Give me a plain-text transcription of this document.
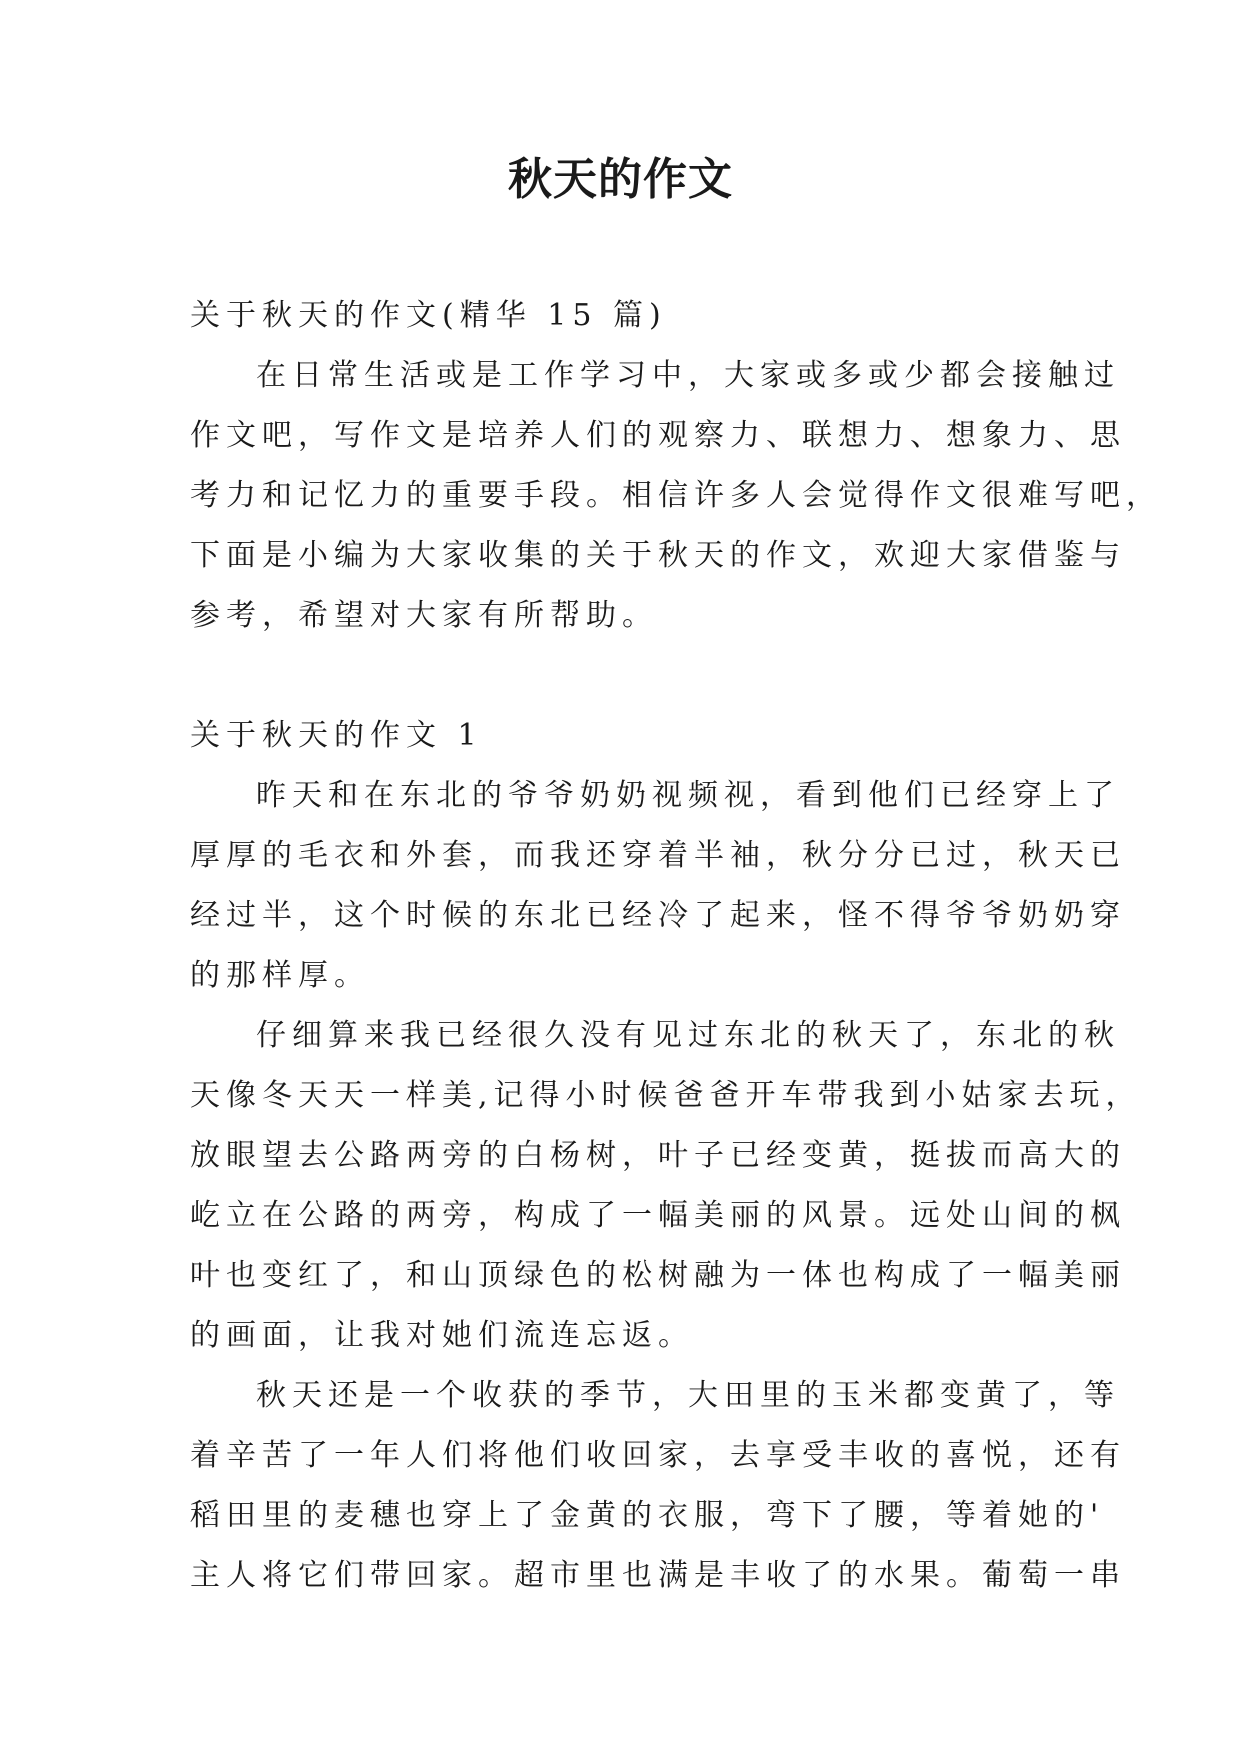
秋天的作文

关于秋天的作文(精华 15 篇)

在日常生活或是工作学习中，大家或多或少都会接触过

作文吧，写作文是培养人们的观察力、联想力、想象力、思

考力和记忆力的重要手段。相信许多人会觉得作文很难写吧，

下面是小编为大家收集的关于秋天的作文，欢迎大家借鉴与

参考，希望对大家有所帮助。

关于秋天的作文 1

昨天和在东北的爷爷奶奶视频视，看到他们已经穿上了

厚厚的毛衣和外套，而我还穿着半袖，秋分分已过，秋天已

经过半，这个时候的东北已经冷了起来，怪不得爷爷奶奶穿

的那样厚。

仔细算来我已经很久没有见过东北的秋天了，东北的秋

天像冬天天一样美,记得小时候爸爸开车带我到小姑家去玩，

放眼望去公路两旁的白杨树，叶子已经变黄，挺拔而高大的

屹立在公路的两旁，构成了一幅美丽的风景。远处山间的枫

叶也变红了，和山顶绿色的松树融为一体也构成了一幅美丽

的画面，让我对她们流连忘返。

秋天还是一个收获的季节，大田里的玉米都变黄了，等

着辛苦了一年人们将他们收回家，去享受丰收的喜悦，还有

稻田里的麦穗也穿上了金黄的衣服，弯下了腰，等着她的'

主人将它们带回家。超市里也满是丰收了的水果。葡萄一串
